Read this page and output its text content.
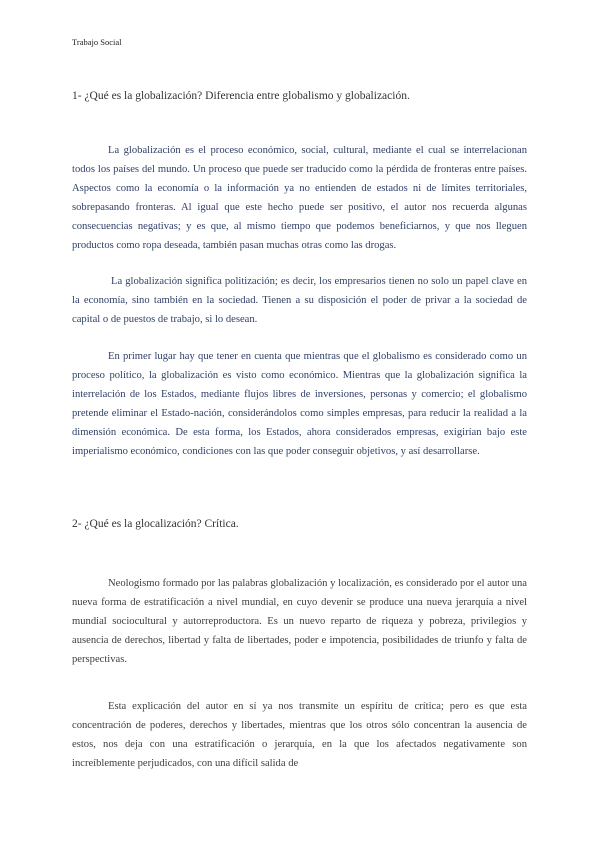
Trabajo Social
1- ¿Qué es la globalización? Diferencia entre globalismo y globalización.

La globalización es el proceso económico, social, cultural, mediante el cual se interrelacionan todos los países del mundo. Un proceso que puede ser traducido como la pérdida de fronteras entre países. Aspectos como la economía o la información ya no entienden de estados ni de límites territoriales, sobrepasando fronteras. Al igual que este hecho puede ser positivo, el autor nos recuerda algunas consecuencias negativas; y es que, al mismo tiempo que podemos beneficiarnos, y que nos lleguen productos como ropa deseada, también pasan muchas otras como las drogas.

La globalización significa politización; es decir, los empresarios tienen no solo un papel clave en la economía, sino también en la sociedad. Tienen a su disposición el poder de privar a la sociedad de capital o de puestos de trabajo, si lo desean.

En primer lugar hay que tener en cuenta que mientras que el globalismo es considerado como un proceso político, la globalización es visto como económico. Mientras que la globalización significa la interrelación de los Estados, mediante flujos libres de inversiones, personas y comercio; el globalismo pretende eliminar el Estado-nación, considerándolos como simples empresas, para reducir la realidad a la dimensión económica. De esta forma, los Estados, ahora considerados empresas, exigirían bajo este imperialismo económico, condiciones con las que poder conseguir objetivos, y así desarrollarse.

2- ¿Qué es la glocalización? Crítica.

Neologismo formado por las palabras globalización y localización, es considerado por el autor una nueva forma de estratificación a nivel mundial, en cuyo devenir se produce una nueva jerarquía a nivel mundial sociocultural y autorreproductora. Es un nuevo reparto de riqueza y pobreza, privilegios y ausencia de derechos, libertad y falta de libertades, poder e impotencia, posibilidades de triunfo y falta de perspectivas.

Esta explicación del autor en sí ya nos transmite un espíritu de crítica; pero es que esta concentración de poderes, derechos y libertades, mientras que los otros sólo concentran la ausencia de estos, nos deja con una estratificación o jerarquía, en la que los afectados negativamente son increíblemente perjudicados, con una difícil salida de
